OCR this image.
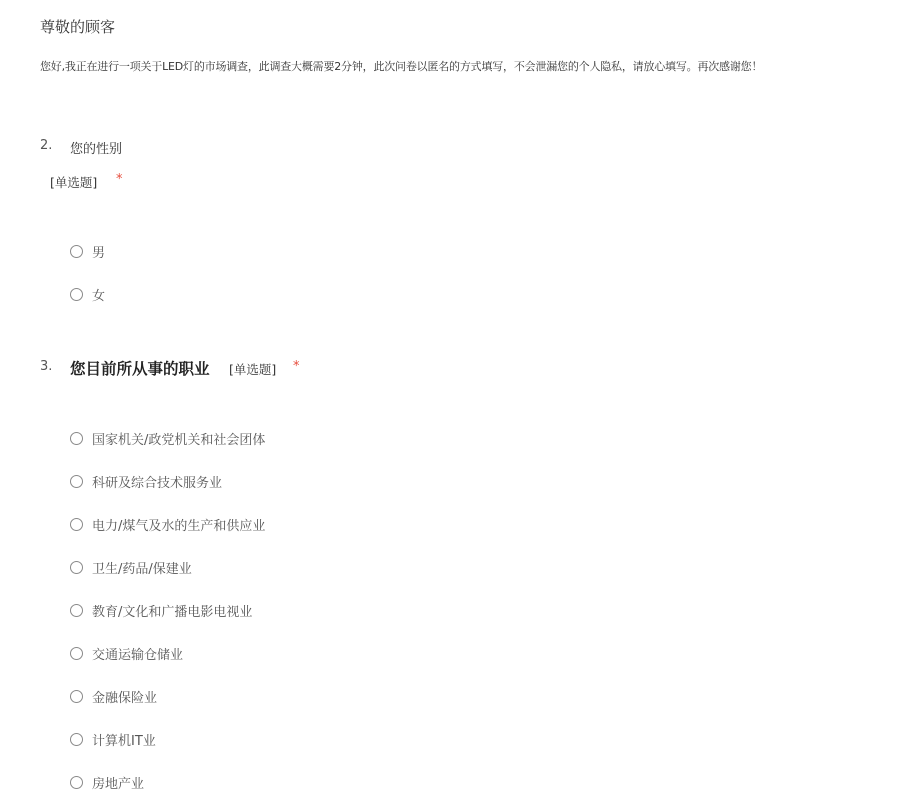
尊敬的顾客
您好,我正在进行一项关于LED灯的市场调查，此调查大概需要2分钟，此次问卷以匿名的方式填写，不会泄漏您的个人隐私，请放心填写。再次感谢您！
2. 您的性别
[单选题] *
男
女
3. 您目前所从事的职业 [单选题] *
国家机关/政党机关和社会团体
科研及综合技术服务业
电力/煤气及水的生产和供应业
卫生/药品/保建业
教育/文化和广播电影电视业
交通运输仓储业
金融保险业
计算机IT业
房地产业
